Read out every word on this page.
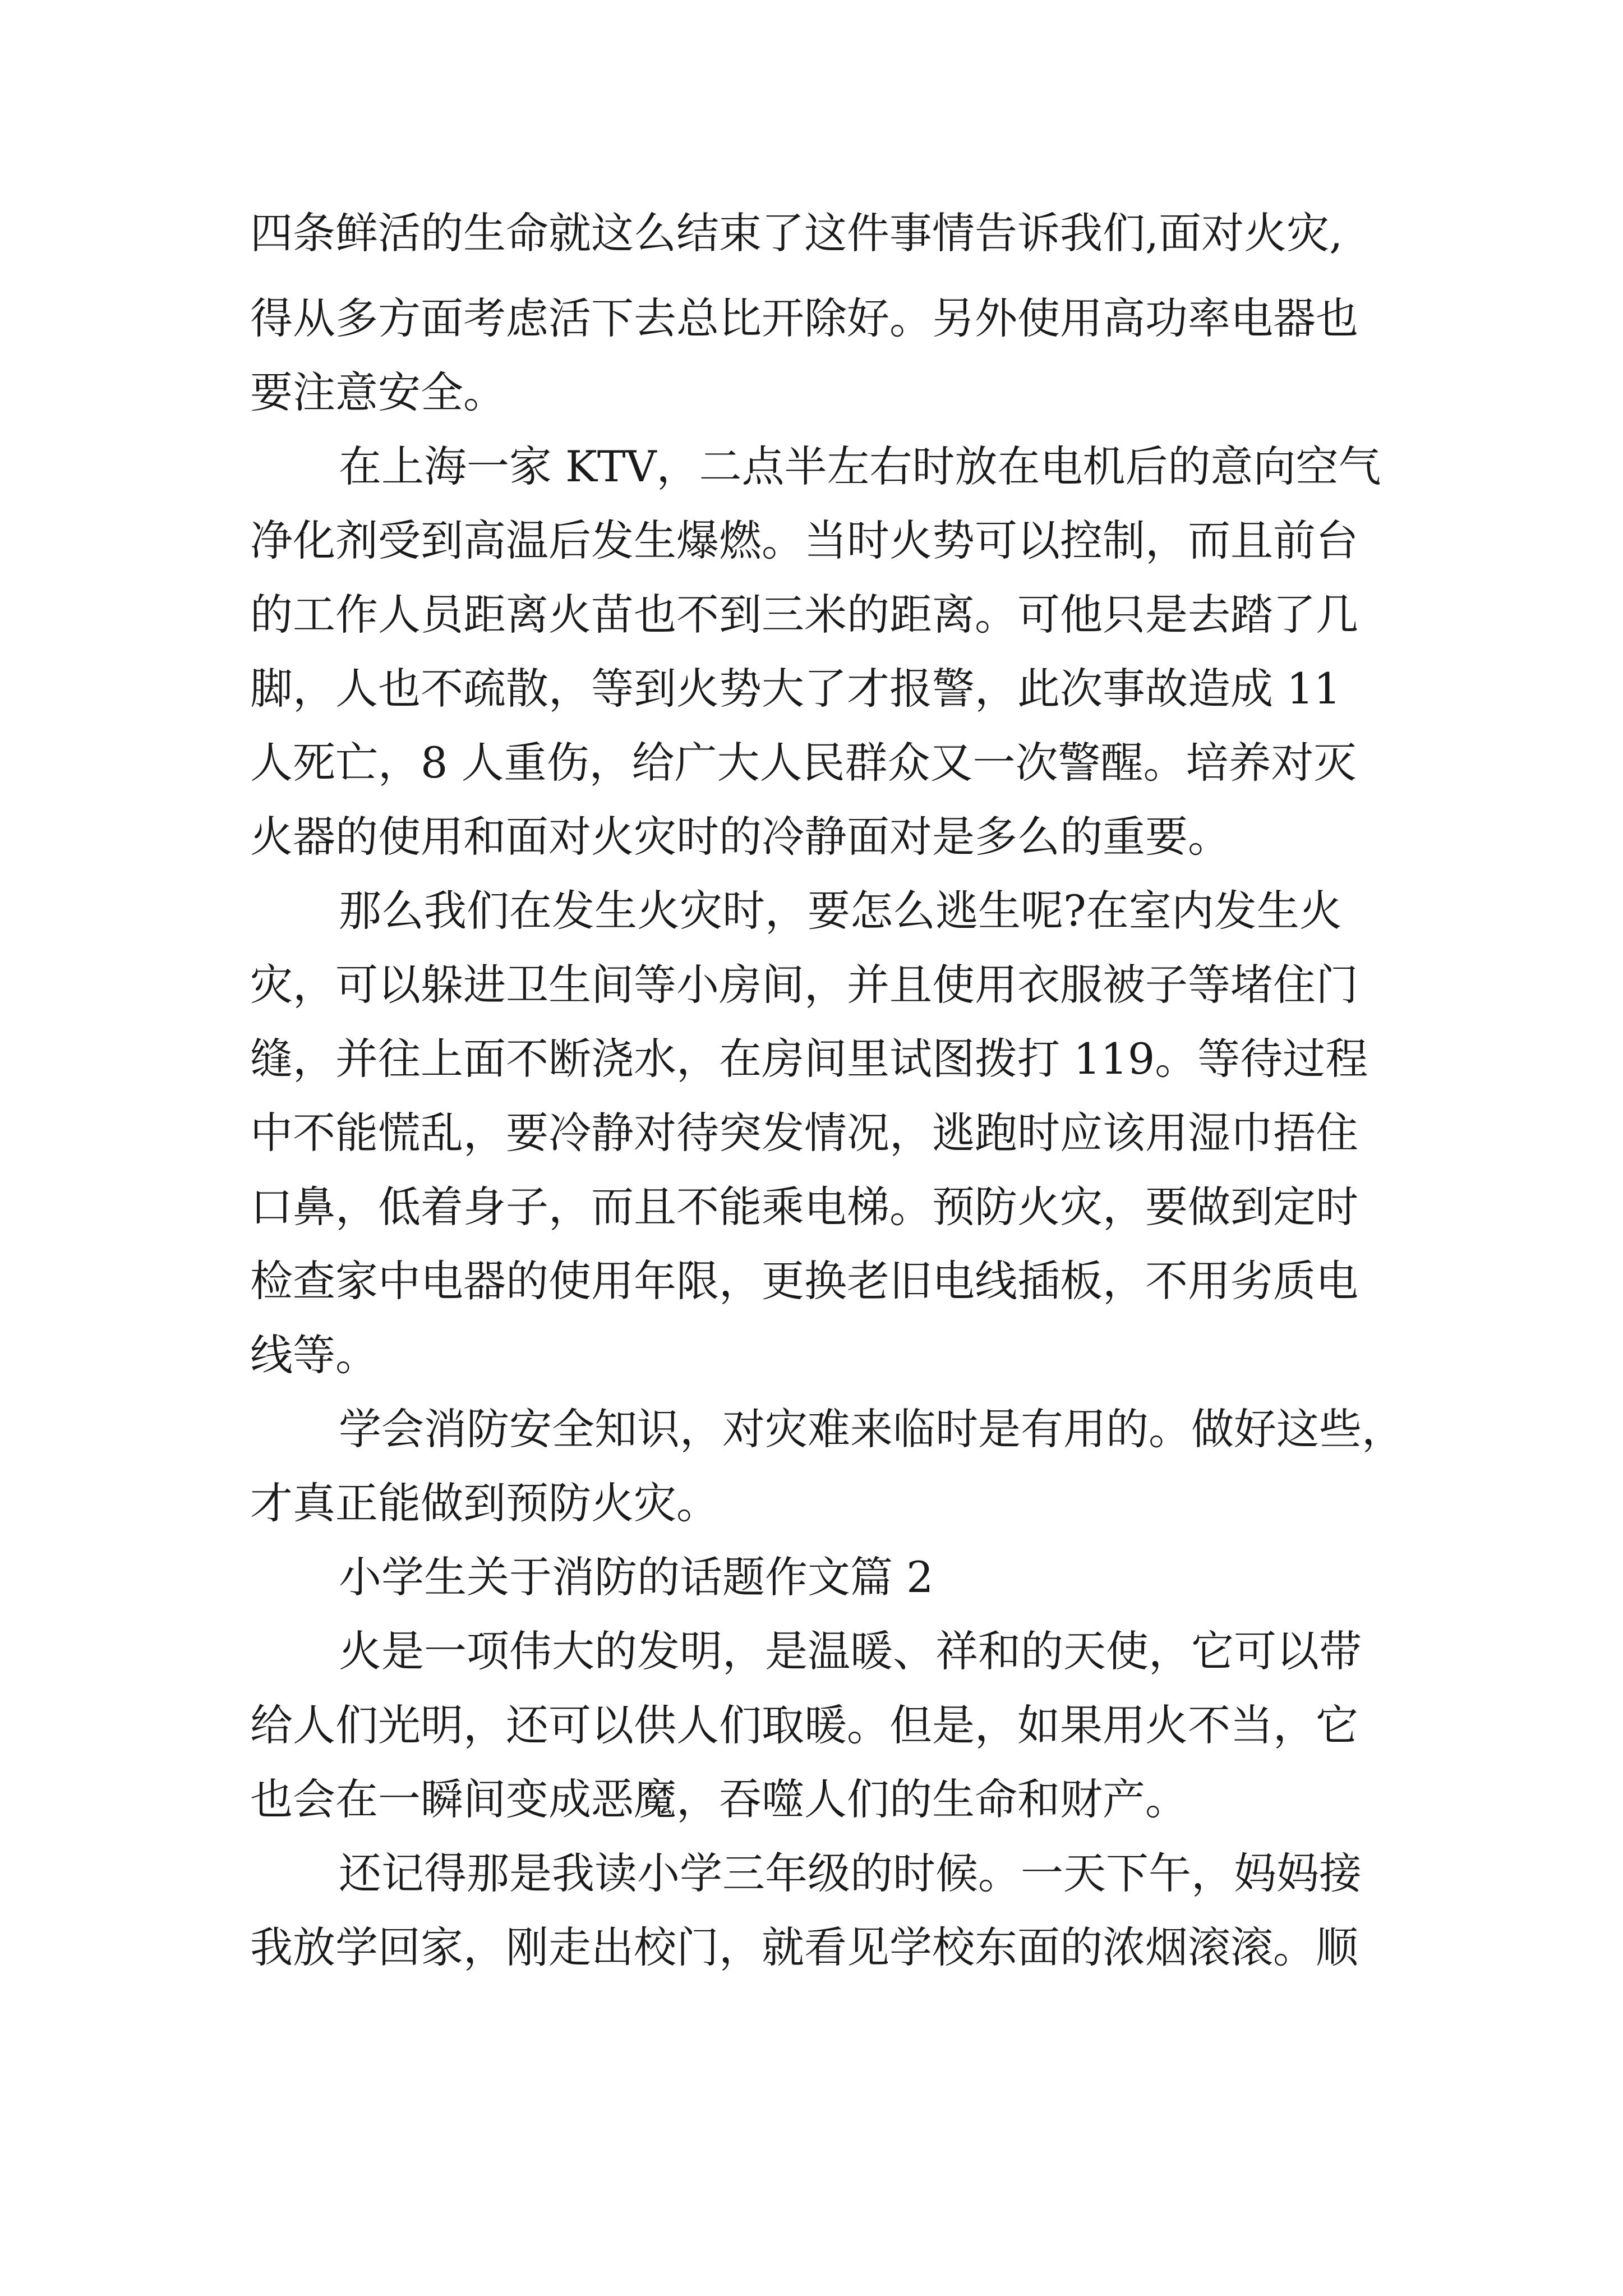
四条鲜活的生命就这么结束了这件事情告诉我们,面对火灾,
得从多方面考虑活下去总比开除好。另外使用高功率电器也
要注意安全。
在上海一家 KTV，二点半左右时放在电机后的意向空气
净化剂受到高温后发生爆燃。当时火势可以控制，而且前台
的工作人员距离火苗也不到三米的距离。可他只是去踏了几
脚，人也不疏散，等到火势大了才报警，此次事故造成 11
人死亡，8 人重伤，给广大人民群众又一次警醒。培养对灭
火器的使用和面对火灾时的冷静面对是多么的重要。
那么我们在发生火灾时，要怎么逃生呢?在室内发生火
灾，可以躲进卫生间等小房间，并且使用衣服被子等堵住门
缝，并往上面不断浇水，在房间里试图拨打 119。等待过程
中不能慌乱，要冷静对待突发情况，逃跑时应该用湿巾捂住
口鼻，低着身子，而且不能乘电梯。预防火灾，要做到定时
检查家中电器的使用年限，更换老旧电线插板，不用劣质电
线等。
学会消防安全知识，对灾难来临时是有用的。做好这些，
才真正能做到预防火灾。
小学生关于消防的话题作文篇 2
火是一项伟大的发明，是温暖、祥和的天使，它可以带
给人们光明，还可以供人们取暖。但是，如果用火不当，它
也会在一瞬间变成恶魔，吞噬人们的生命和财产。
还记得那是我读小学三年级的时候。一天下午，妈妈接
我放学回家，刚走出校门，就看见学校东面的浓烟滚滚。顺
